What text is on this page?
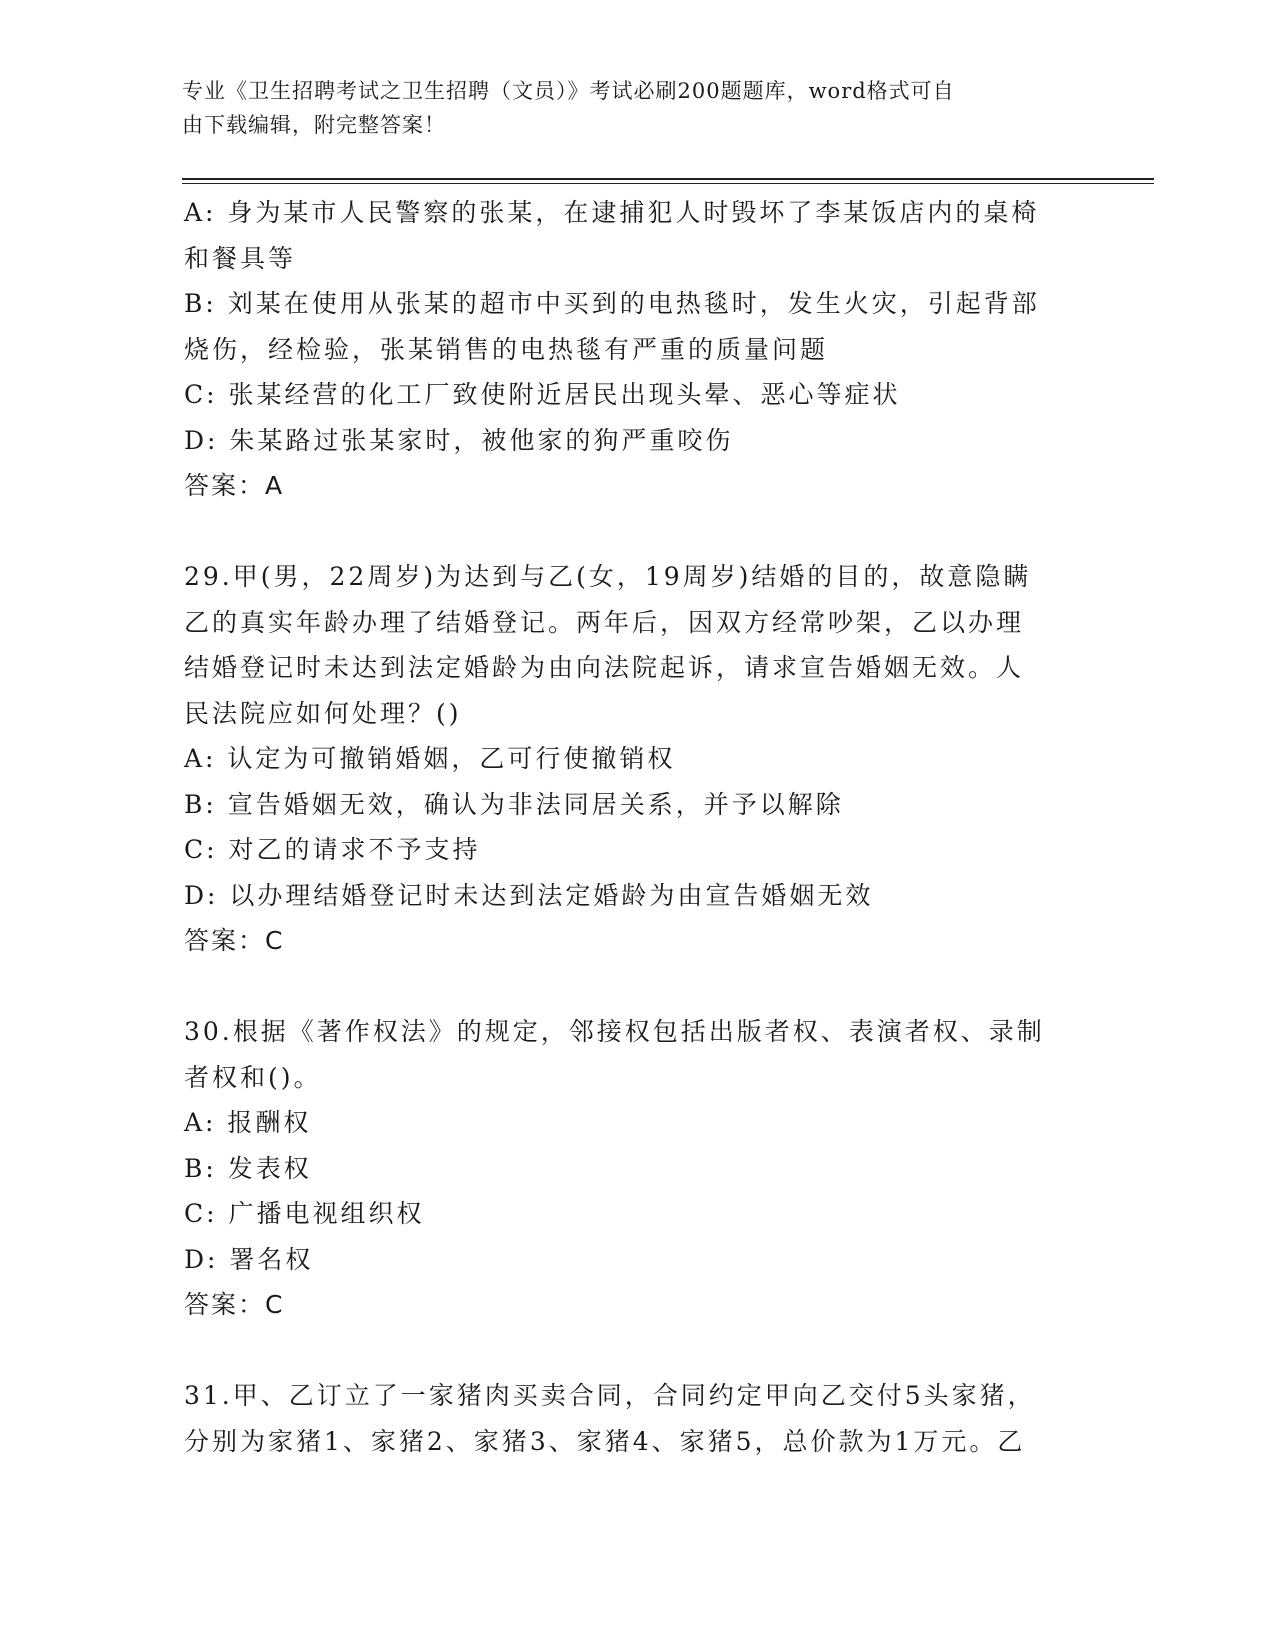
专业《卫生招聘考试之卫生招聘（文员）》考试必刷200题题库，word格式可自
由下载编辑，附完整答案！
A: 身为某市人民警察的张某，在逮捕犯人时毁坏了李某饭店内的桌椅
和餐具等
B: 刘某在使用从张某的超市中买到的电热毯时，发生火灾，引起背部
烧伤，经检验，张某销售的电热毯有严重的质量问题
C: 张某经营的化工厂致使附近居民出现头晕、恶心等症状
D: 朱某路过张某家时，被他家的狗严重咬伤
答案：A
29.甲(男，22周岁)为达到与乙(女，19周岁)结婚的目的，故意隐瞒
乙的真实年龄办理了结婚登记。两年后，因双方经常吵架，乙以办理
结婚登记时未达到法定婚龄为由向法院起诉，请求宣告婚姻无效。人
民法院应如何处理？()
A: 认定为可撤销婚姻，乙可行使撤销权
B: 宣告婚姻无效，确认为非法同居关系，并予以解除
C: 对乙的请求不予支持
D: 以办理结婚登记时未达到法定婚龄为由宣告婚姻无效
答案：C
30.根据《著作权法》的规定，邻接权包括出版者权、表演者权、录制
者权和()。
A: 报酬权
B: 发表权
C: 广播电视组织权
D: 署名权
答案：C
31.甲、乙订立了一家猪肉买卖合同，合同约定甲向乙交付5头家猪，
分别为家猪1、家猪2、家猪3、家猪4、家猪5，总价款为1万元。乙
